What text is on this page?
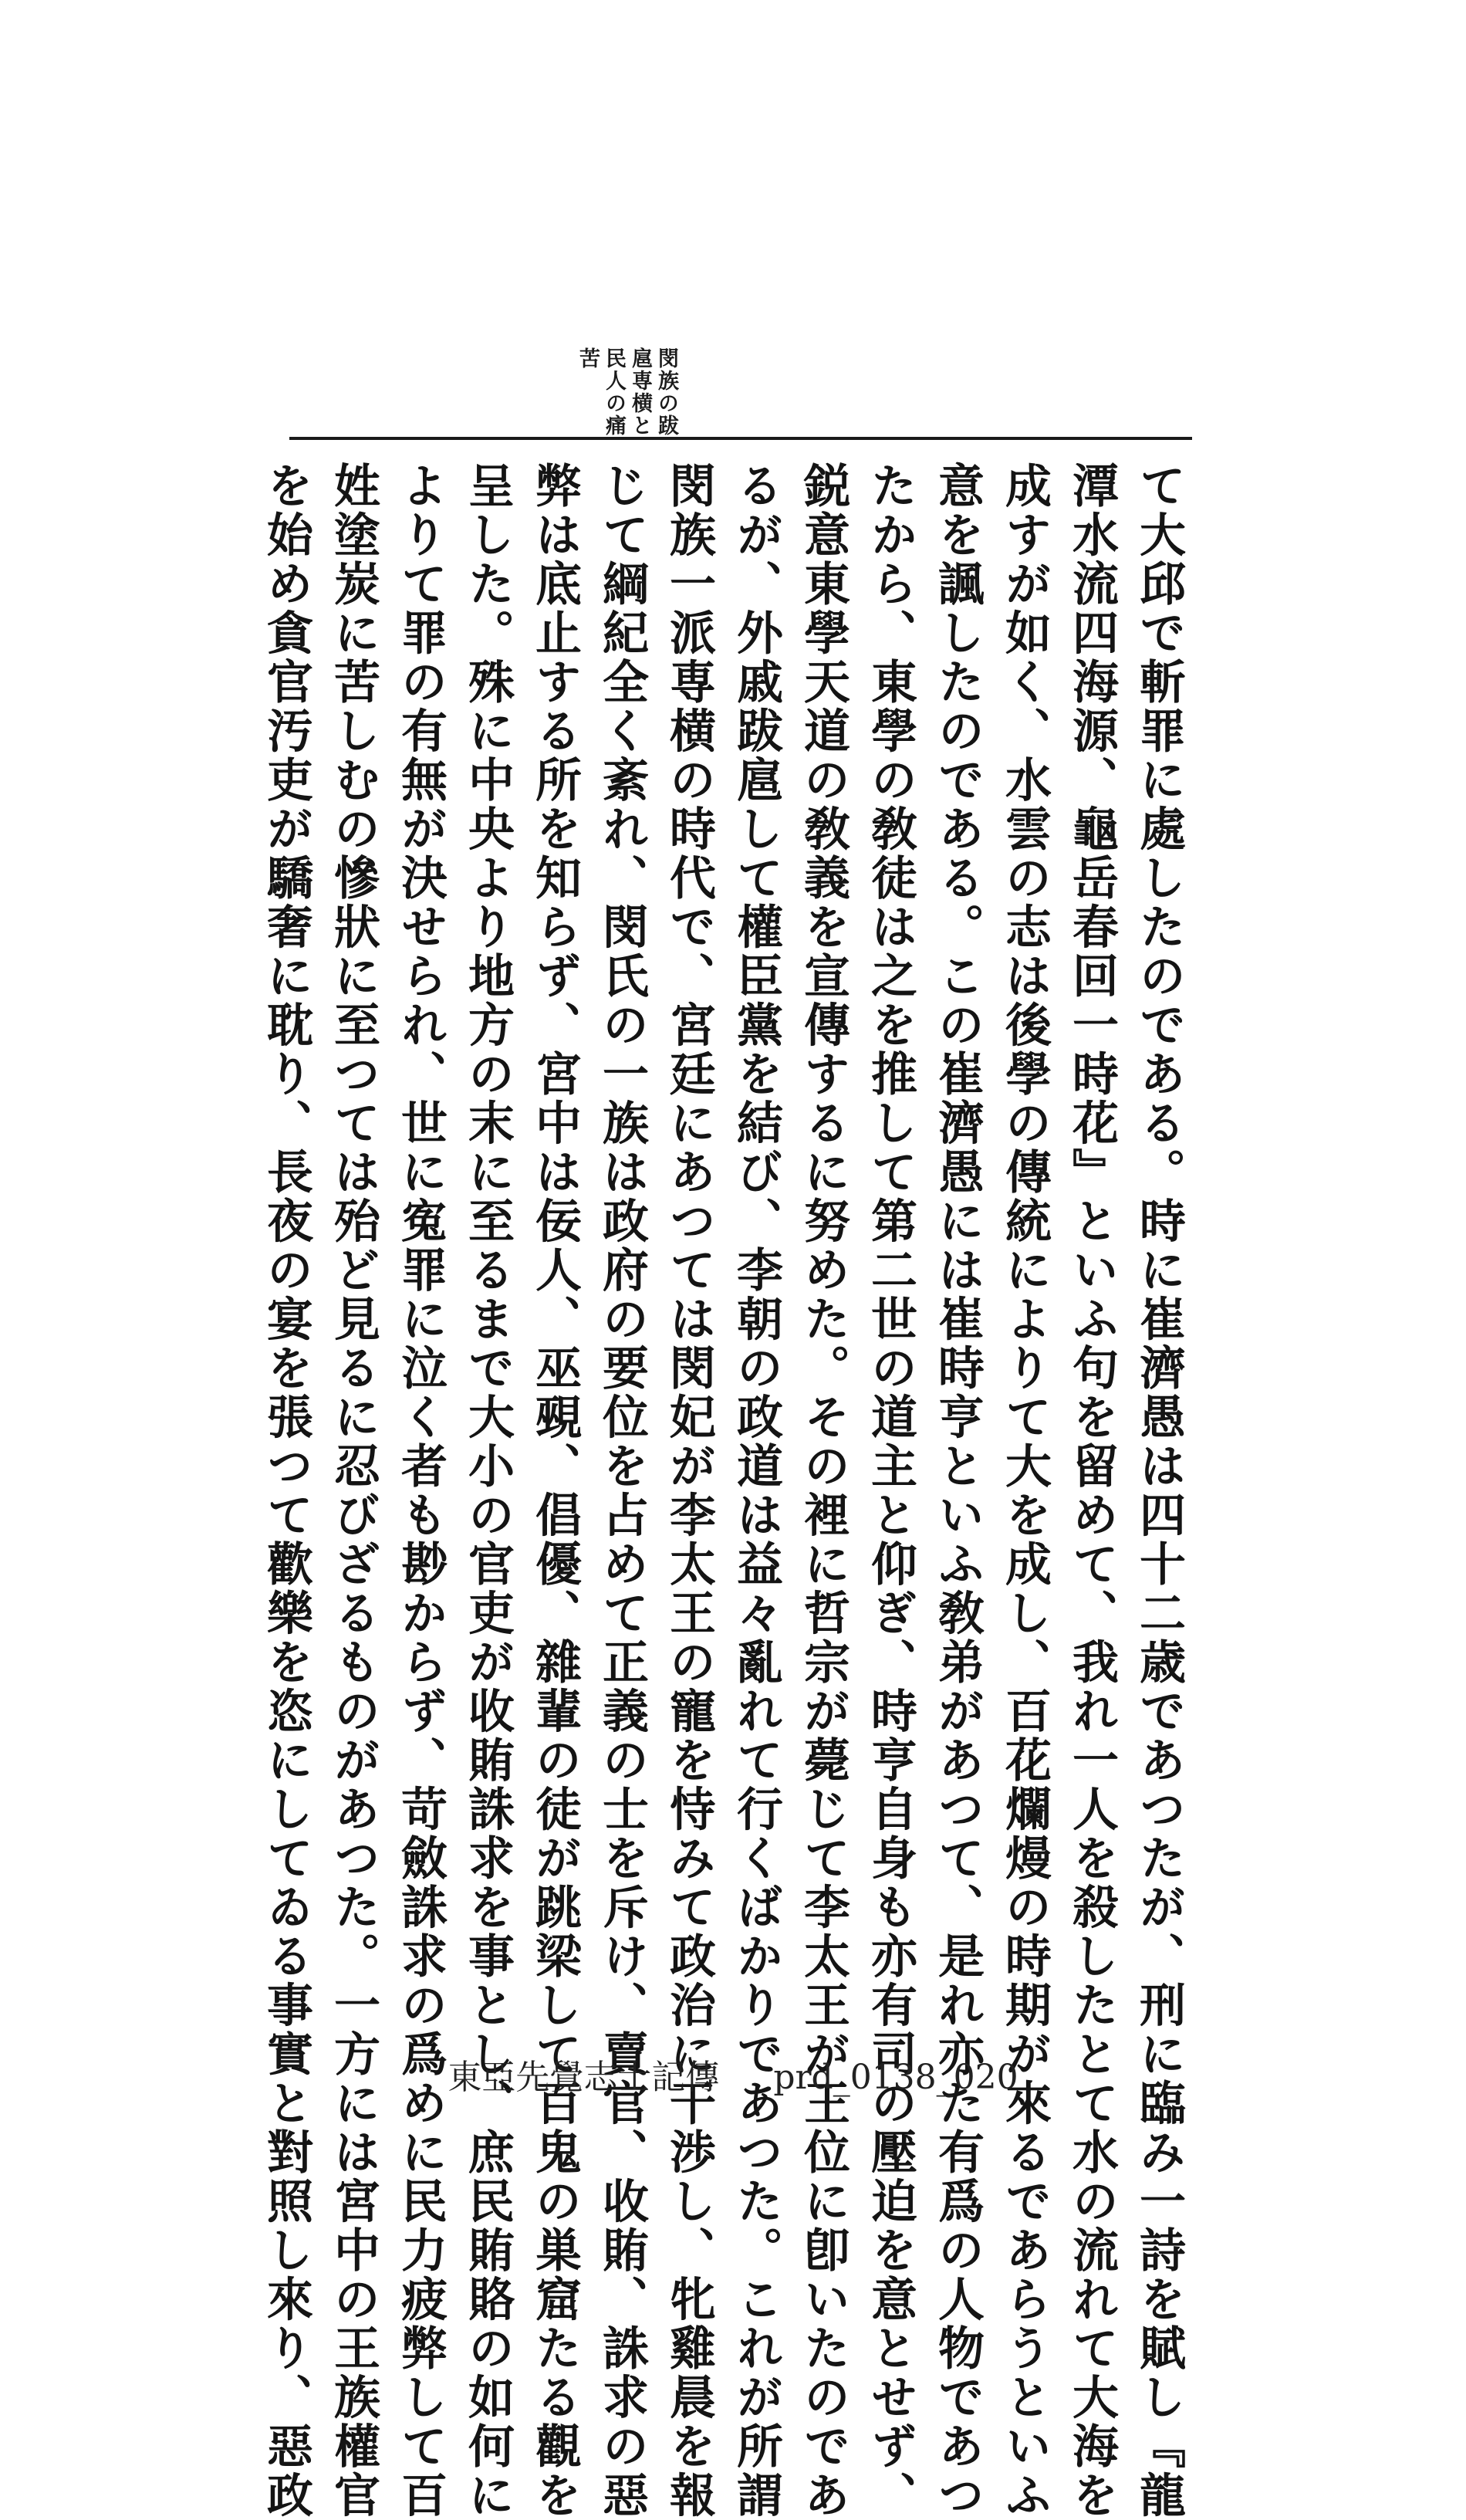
閔族の跋
扈専横と
民人の痛
苦
て大邱で斬罪に處したのである。時に崔濟愚は四十二歳であつたが、刑に臨み一詩を賦し『龍
潭水流四海源、龜岳春回一時花』といふ句を留めて、我れ一人を殺したとて水の流れて大海を
成すが如く、水雲の志は後學の傳統によりて大を成し、百花爛熳の時期が來るであらうといふ
意を諷したのである。この崔濟愚には崔時亨といふ敎弟があつて、是れ亦た有爲の人物であつ
たから、東學の敎徒は之を推して第二世の道主と仰ぎ、時亨自身も亦有司の壓迫を意とせず、
鋭意東學天道の敎義を宣傳するに努めた。その裡に哲宗が薨じて李太王が王位に卽いたのであ
るが、外戚跋扈して權臣黨を結び、李朝の政道は益々亂れて行くばかりであつた。これが所謂
閔族一派専横の時代で、宮廷にあつては閔妃が李太王の寵を恃みて政治に干渉し、牝雞晨を報
じて綱紀全く紊れ、閔氏の一族は政府の要位を占めて正義の士を斥け、賣官、收賄、誅求の惡
弊は底止する所を知らず、宮中は佞人、巫覡、倡優、雜輩の徒が跳梁して百鬼の巣窟たる觀を
呈した。殊に中央より地方の末に至るまで大小の官吏が收賄誅求を事とし、庶民賄賂の如何に
よりて罪の有無が決せられ、世に寃罪に泣く者も尠からず、苛斂誅求の爲めに民力疲弊して百
姓塗炭に苦しむの慘狀に至つては殆ど見るに忍びざるものがあつた。一方には宮中の王族權官
を始め貪官汚吏が驕奢に耽り、長夜の宴を張つて歡樂を恣にしてゐる事實と對照し來り、惡政	東亞先覺志士記傳 prd_0138_020
